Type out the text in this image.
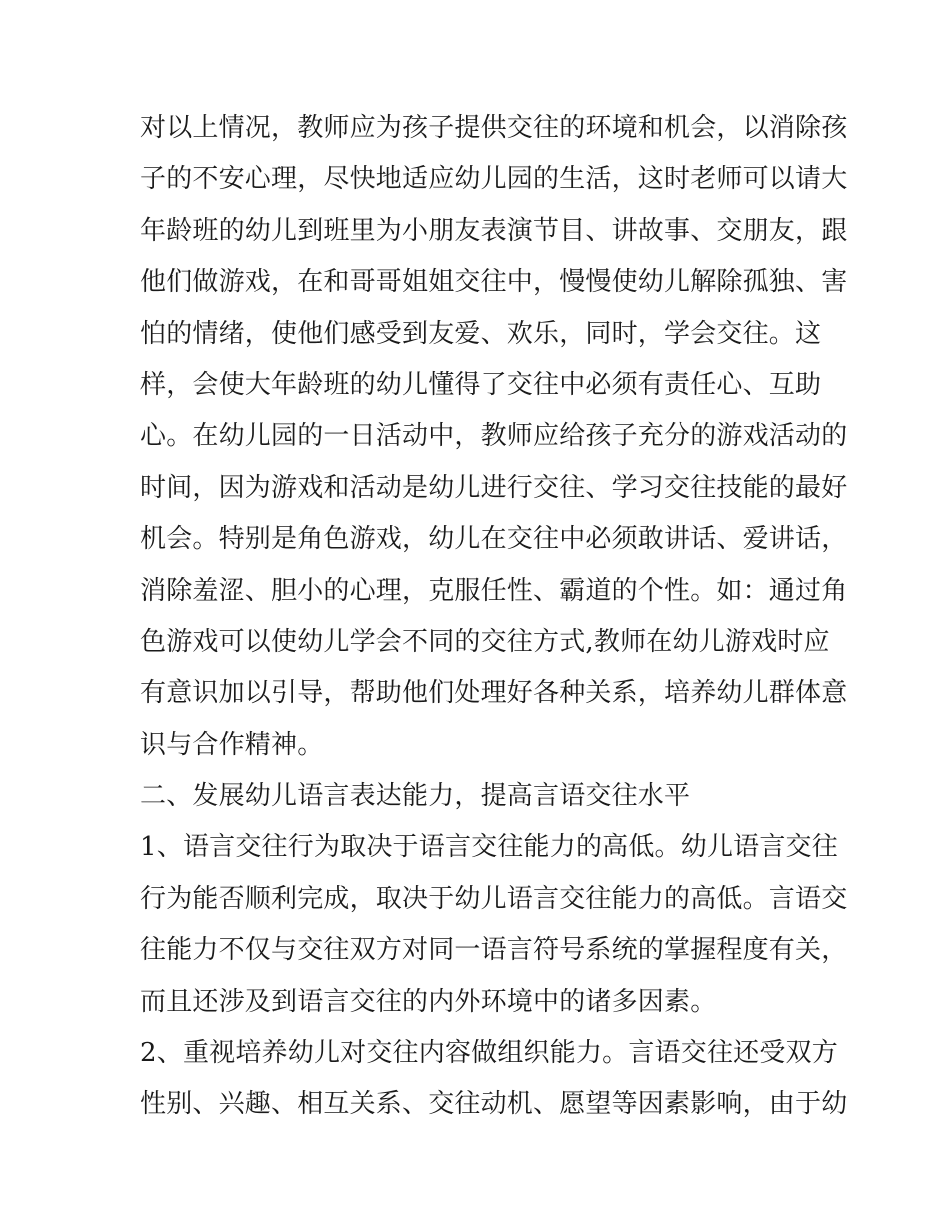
对以上情况，教师应为孩子提供交往的环境和机会，以消除孩
子的不安心理，尽快地适应幼儿园的生活，这时老师可以请大
年龄班的幼儿到班里为小朋友表演节目、讲故事、交朋友，跟
他们做游戏，在和哥哥姐姐交往中，慢慢使幼儿解除孤独、害
怕的情绪，使他们感受到友爱、欢乐，同时，学会交往。这
样，会使大年龄班的幼儿懂得了交往中必须有责任心、互助
心。在幼儿园的一日活动中，教师应给孩子充分的游戏活动的
时间，因为游戏和活动是幼儿进行交往、学习交往技能的最好
机会。特别是角色游戏，幼儿在交往中必须敢讲话、爱讲话，
消除羞涩、胆小的心理，克服任性、霸道的个性。如：通过角
色游戏可以使幼儿学会不同的交往方式,教师在幼儿游戏时应
有意识加以引导，帮助他们处理好各种关系，培养幼儿群体意
识与合作精神。
二、发展幼儿语言表达能力，提高言语交往水平
1、语言交往行为取决于语言交往能力的高低。幼儿语言交往
行为能否顺利完成，取决于幼儿语言交往能力的高低。言语交
往能力不仅与交往双方对同一语言符号系统的掌握程度有关，
而且还涉及到语言交往的内外环境中的诸多因素。
2、重视培养幼儿对交往内容做组织能力。言语交往还受双方
性别、兴趣、相互关系、交往动机、愿望等因素影响，由于幼
